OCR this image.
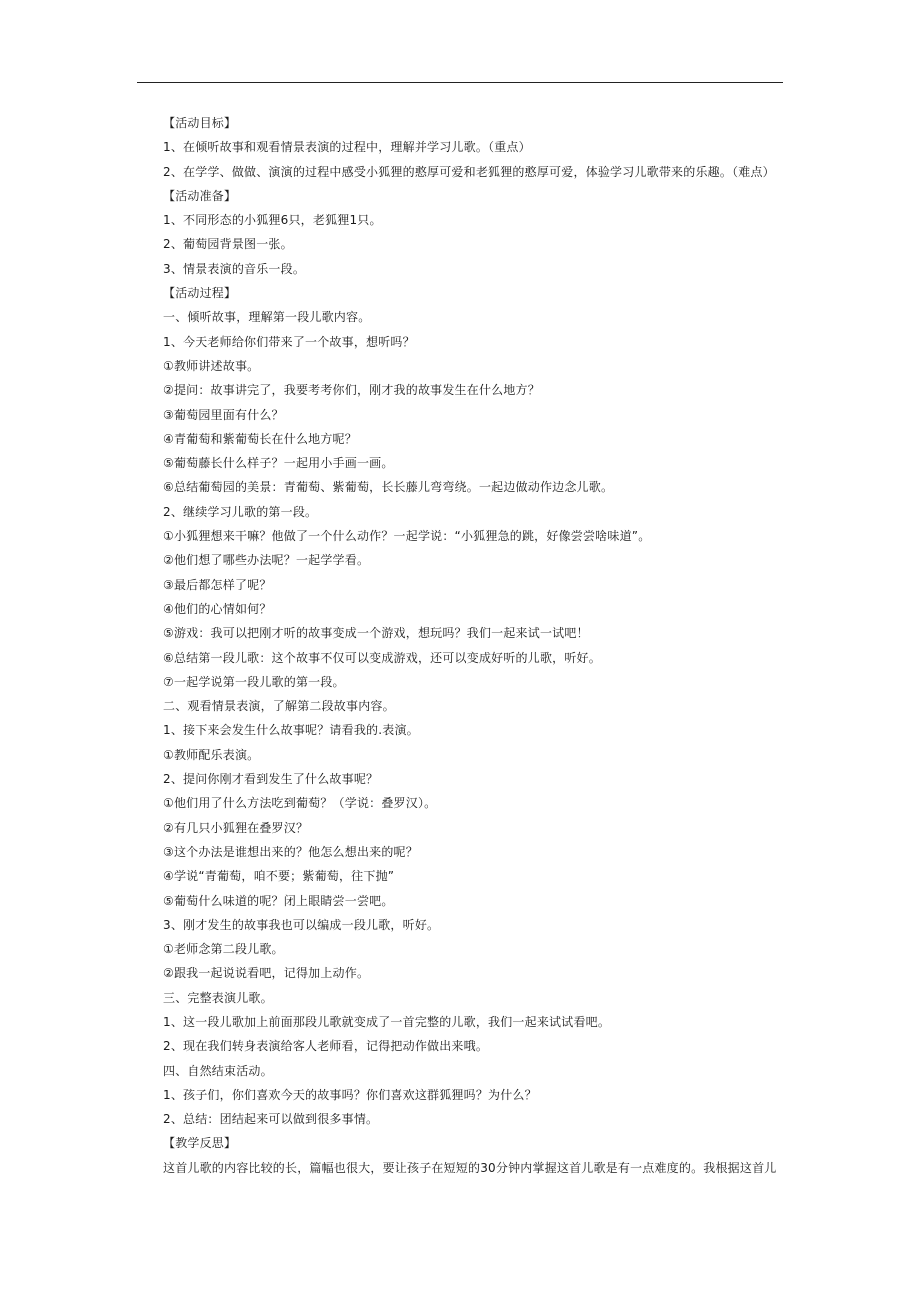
【活动目标】
1、在倾听故事和观看情景表演的过程中，理解并学习儿歌。（重点）
2、在学学、做做、演演的过程中感受小狐狸的憨厚可爱和老狐狸的憨厚可爱，体验学习儿歌带来的乐趣。（难点）
【活动准备】
1、不同形态的小狐狸6只，老狐狸1只。
2、葡萄园背景图一张。
3、情景表演的音乐一段。
【活动过程】
一、倾听故事，理解第一段儿歌内容。
1、今天老师给你们带来了一个故事，想听吗？
①教师讲述故事。
②提问：故事讲完了，我要考考你们，刚才我的故事发生在什么地方？
③葡萄园里面有什么？
④青葡萄和紫葡萄长在什么地方呢？
⑤葡萄藤长什么样子？一起用小手画一画。
⑥总结葡萄园的美景：青葡萄、紫葡萄，长长藤儿弯弯绕。一起边做动作边念儿歌。
2、继续学习儿歌的第一段。
①小狐狸想来干嘛？他做了一个什么动作？一起学说：“小狐狸急的跳，好像尝尝啥味道”。
②他们想了哪些办法呢？一起学学看。
③最后都怎样了呢？
④他们的心情如何？
⑤游戏：我可以把刚才听的故事变成一个游戏，想玩吗？我们一起来试一试吧！
⑥总结第一段儿歌：这个故事不仅可以变成游戏，还可以变成好听的儿歌，听好。
⑦一起学说第一段儿歌的第一段。
二、观看情景表演，了解第二段故事内容。
1、接下来会发生什么故事呢？请看我的.表演。
①教师配乐表演。
2、提问你刚才看到发生了什么故事呢？
①他们用了什么方法吃到葡萄？（学说：叠罗汉）。
②有几只小狐狸在叠罗汉？
③这个办法是谁想出来的？他怎么想出来的呢？
④学说“青葡萄，咱不要；紫葡萄，往下抛”
⑤葡萄什么味道的呢？闭上眼睛尝一尝吧。
3、刚才发生的故事我也可以编成一段儿歌，听好。
①老师念第二段儿歌。
②跟我一起说说看吧，记得加上动作。
三、完整表演儿歌。
1、这一段儿歌加上前面那段儿歌就变成了一首完整的儿歌，我们一起来试试看吧。
2、现在我们转身表演给客人老师看，记得把动作做出来哦。
四、自然结束活动。
1、孩子们，你们喜欢今天的故事吗？你们喜欢这群狐狸吗？为什么？
2、总结：团结起来可以做到很多事情。
【教学反思】
这首儿歌的内容比较的长，篇幅也很大，要让孩子在短短的30分钟内掌握这首儿歌是有一点难度的。我根据这首儿
